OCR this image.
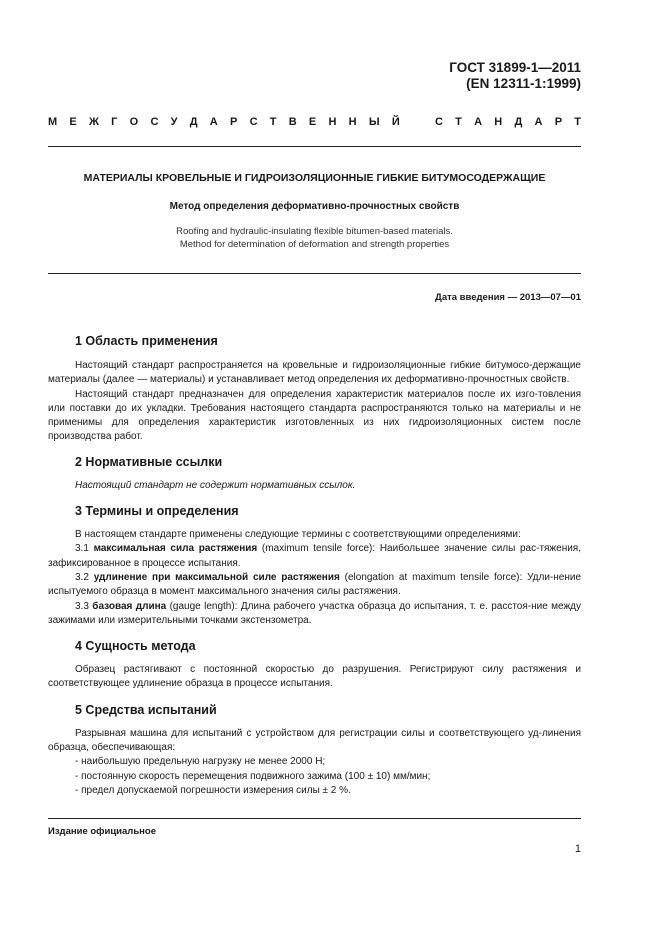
ГОСТ 31899-1—2011
(EN 12311-1:1999)
М Е Ж Г О С У Д А Р С Т В Е Н Н Ы Й	С Т А Н Д А Р Т
МАТЕРИАЛЫ КРОВЕЛЬНЫЕ И ГИДРОИЗОЛЯЦИОННЫЕ ГИБКИЕ БИТУМОСОДЕРЖАЩИЕ
Метод определения деформативно-прочностных свойств
Roofing and hydraulic-insulating flexible bitumen-based materials.
Method for determination of deformation and strength properties
Дата введения — 2013—07—01
1 Область применения
Настоящий стандарт распространяется на кровельные и гидроизоляционные гибкие битумосо-держащие материалы (далее — материалы) и устанавливает метод определения их деформативно-прочностных свойств.
Настоящий стандарт предназначен для определения характеристик материалов после их изго-товления или поставки до их укладки. Требования настоящего стандарта распространяются только на материалы и не применимы для определения характеристик изготовленных из них гидроизоляционных систем после производства работ.
2 Нормативные ссылки
Настоящий стандарт не содержит нормативных ссылок.
3 Термины и определения
В настоящем стандарте применены следующие термины с соответствующими определениями:
3.1 максимальная сила растяжения (maximum tensile force): Наибольшее значение силы рас-тяжения, зафиксированное в процессе испытания.
3.2 удлинение при максимальной силе растяжения (elongation at maximum tensile force): Удли-нение испытуемого образца в момент максимального значения силы растяжения.
3.3 базовая длина (gauge length): Длина рабочего участка образца до испытания, т. е. расстоя-ние между зажимами или измерительными точками экстензометра.
4 Сущность метода
Образец растягивают с постоянной скоростью до разрушения. Регистрируют силу растяжения и соответствующее удлинение образца в процессе испытания.
5 Средства испытаний
Разрывная машина для испытаний с устройством для регистрации силы и соответствующего уд-линения образца, обеспечивающая:
- наибольшую предельную нагрузку не менее 2000 Н;
- постоянную скорость перемещения подвижного зажима (100 ± 10) мм/мин;
- предел допускаемой погрешности измерения силы ± 2 %.
Издание официальное
1
